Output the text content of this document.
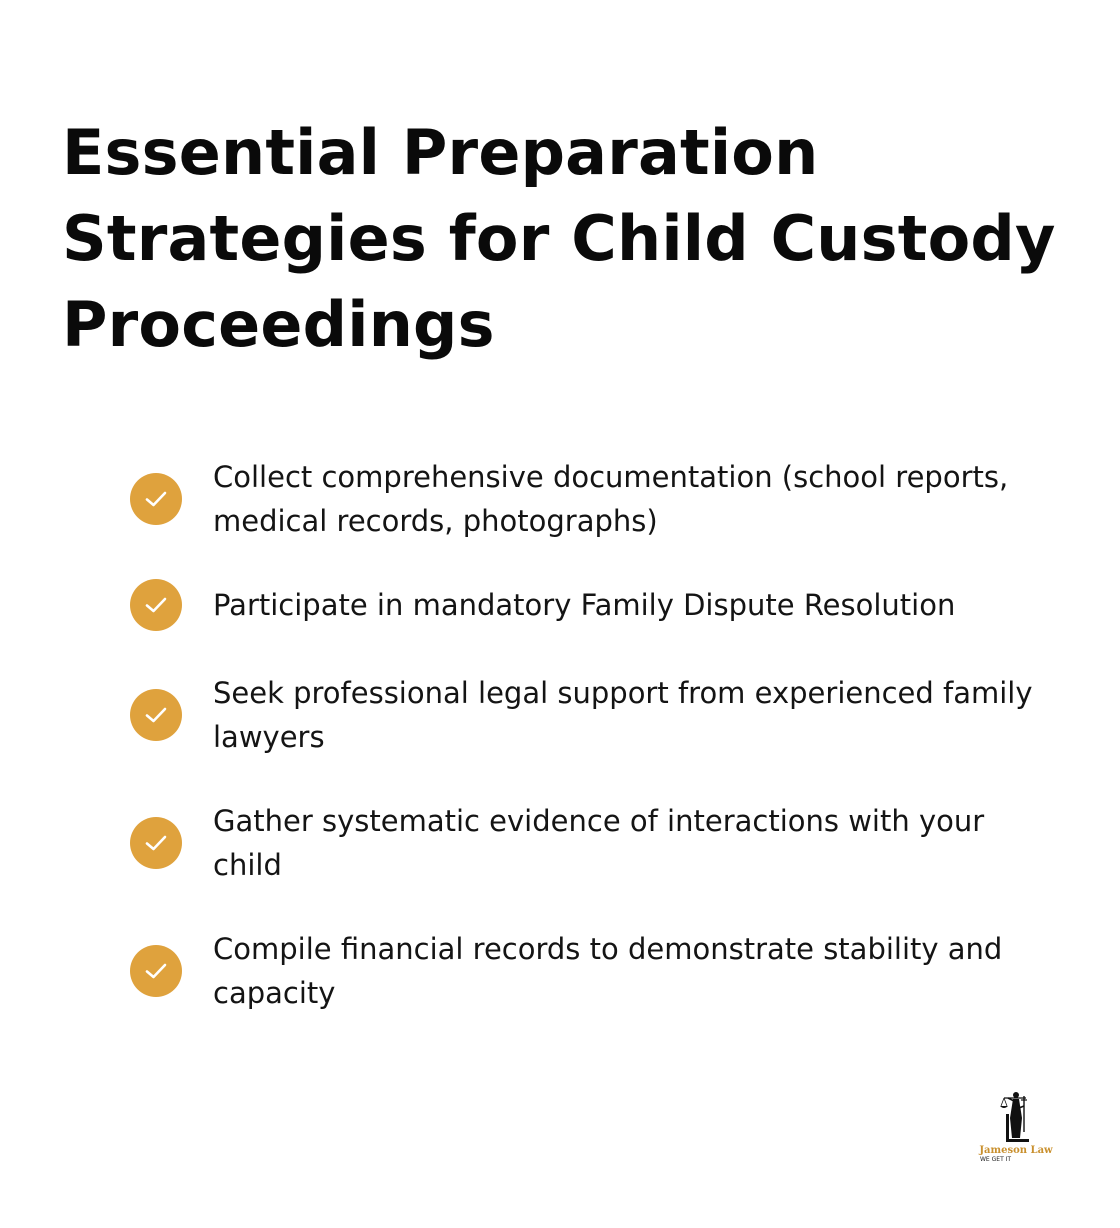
Essential Preparation Strategies for Child Custody Proceedings
Collect comprehensive documentation (school reports, medical records, photographs)
Participate in mandatory Family Dispute Resolution
Seek professional legal support from experienced family lawyers
Gather systematic evidence of interactions with your child
Compile financial records to demonstrate stability and capacity
Jameson Law
WE GET IT
